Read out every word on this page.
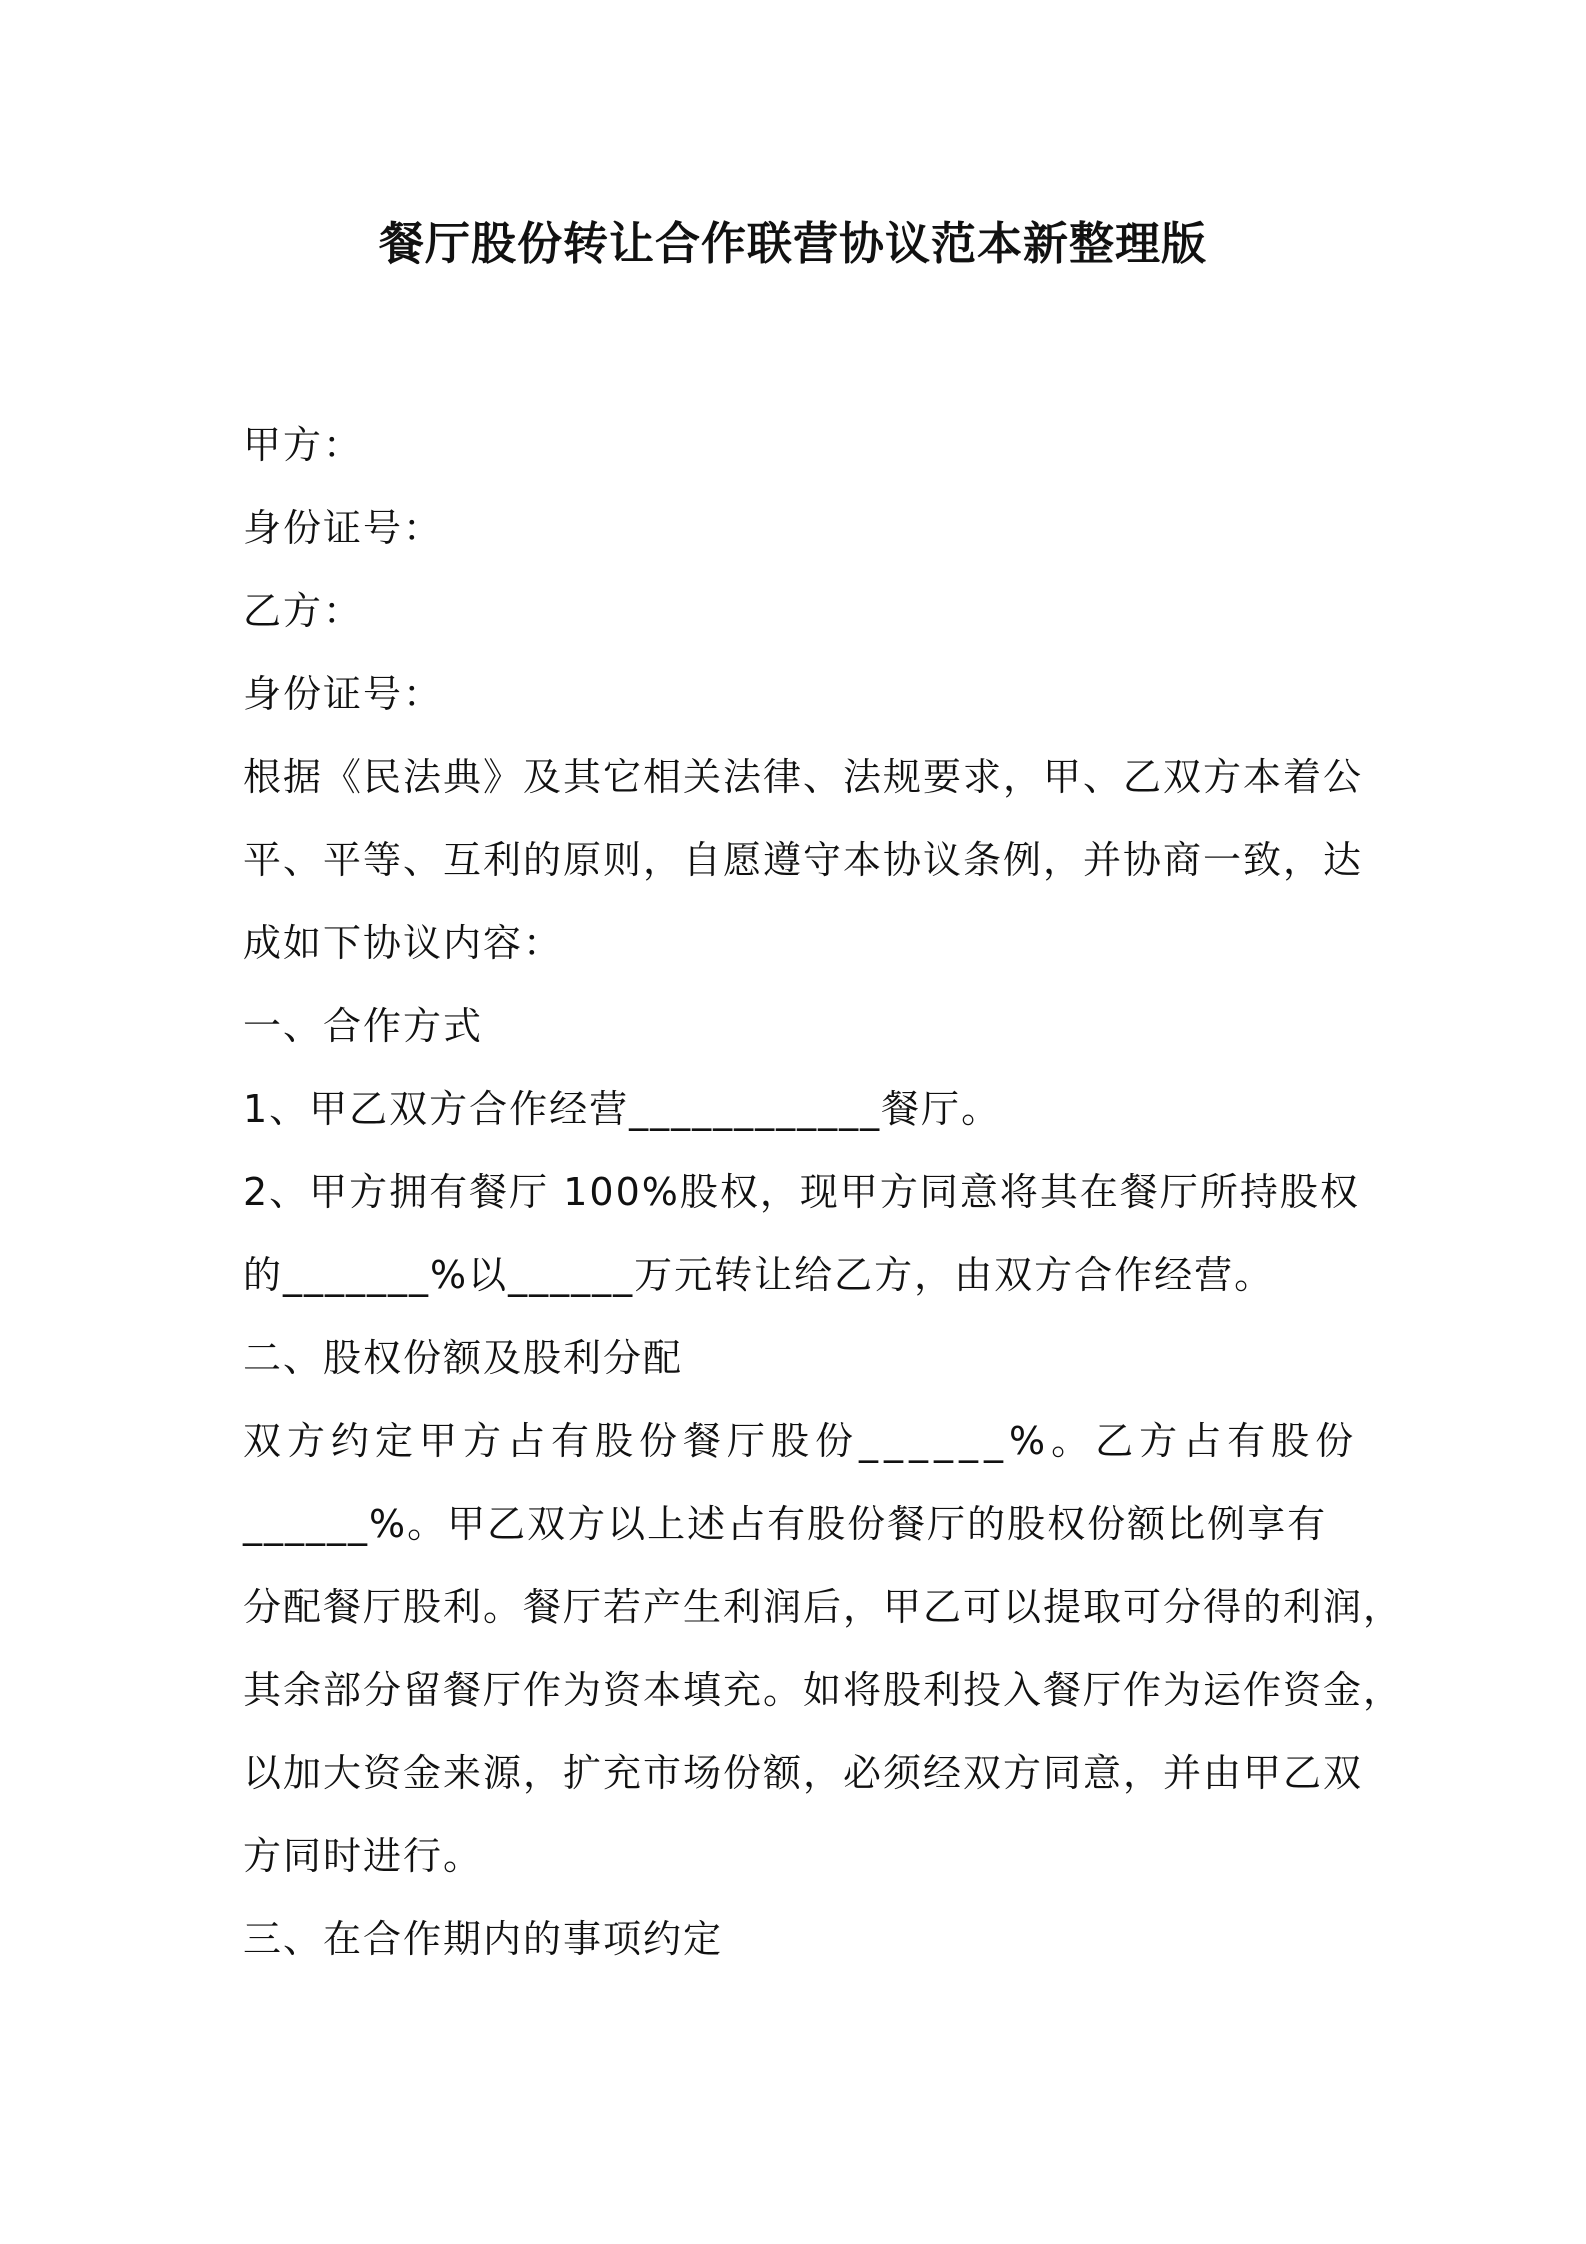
餐厅股份转让合作联营协议范本新整理版

甲方：

身份证号：

乙方：

身份证号：

根据《民法典》及其它相关法律、法规要求，甲、乙双方本着公

平、平等、互利的原则，自愿遵守本协议条例，并协商一致，达

成如下协议内容：

一、合作方式

1、甲乙双方合作经营____________餐厅。

2、甲方拥有餐厅 100%股权，现甲方同意将其在餐厅所持股权

的_______%以______万元转让给乙方，由双方合作经营。

二、股权份额及股利分配

双方约定甲方占有股份餐厅股份______%。乙方占有股份

______%。甲乙双方以上述占有股份餐厅的股权份额比例享有

分配餐厅股利。餐厅若产生利润后，甲乙可以提取可分得的利润，

其余部分留餐厅作为资本填充。如将股利投入餐厅作为运作资金，

以加大资金来源，扩充市场份额，必须经双方同意，并由甲乙双

方同时进行。

三、在合作期内的事项约定
